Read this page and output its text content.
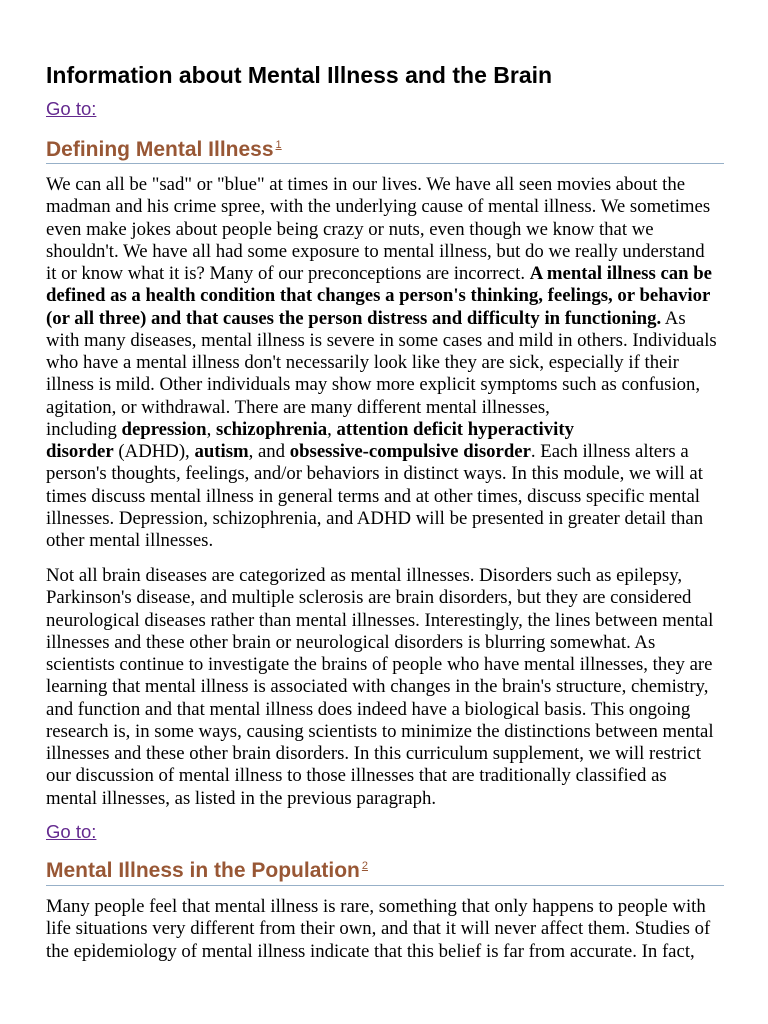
Information about Mental Illness and the Brain
Go to:
Defining Mental Illness $^1$
We can all be "sad" or "blue" at times in our lives. We have all seen movies about the
madman and his crime spree, with the underlying cause of mental illness. We sometimes
even make jokes about people being crazy or nuts, even though we know that we
shouldn't. We have all had some exposure to mental illness, but do we really understand
it or know what it is? Many of our preconceptions are incorrect. A mental illness can be
defined as a health condition that changes a person's thinking, feelings, or behavior
(or all three) and that causes the person distress and difficulty in functioning. As
with many diseases, mental illness is severe in some cases and mild in others. Individuals
who have a mental illness don't necessarily look like they are sick, especially if their
illness is mild. Other individuals may show more explicit symptoms such as confusion,
agitation, or withdrawal. There are many different mental illnesses,
including depression, schizophrenia, attention deficit hyperactivity
disorder (ADHD), autism, and obsessive-compulsive disorder. Each illness alters a
person's thoughts, feelings, and/or behaviors in distinct ways. In this module, we will at
times discuss mental illness in general terms and at other times, discuss specific mental
illnesses. Depression, schizophrenia, and ADHD will be presented in greater detail than
other mental illnesses.
Not all brain diseases are categorized as mental illnesses. Disorders such as epilepsy,
Parkinson's disease, and multiple sclerosis are brain disorders, but they are considered
neurological diseases rather than mental illnesses. Interestingly, the lines between mental
illnesses and these other brain or neurological disorders is blurring somewhat. As
scientists continue to investigate the brains of people who have mental illnesses, they are
learning that mental illness is associated with changes in the brain's structure, chemistry,
and function and that mental illness does indeed have a biological basis. This ongoing
research is, in some ways, causing scientists to minimize the distinctions between mental
illnesses and these other brain disorders. In this curriculum supplement, we will restrict
our discussion of mental illness to those illnesses that are traditionally classified as
mental illnesses, as listed in the previous paragraph.
Go to:
Mental Illness in the Population $^2$
Many people feel that mental illness is rare, something that only happens to people with
life situations very different from their own, and that it will never affect them. Studies of
the epidemiology of mental illness indicate that this belief is far from accurate. In fact,
